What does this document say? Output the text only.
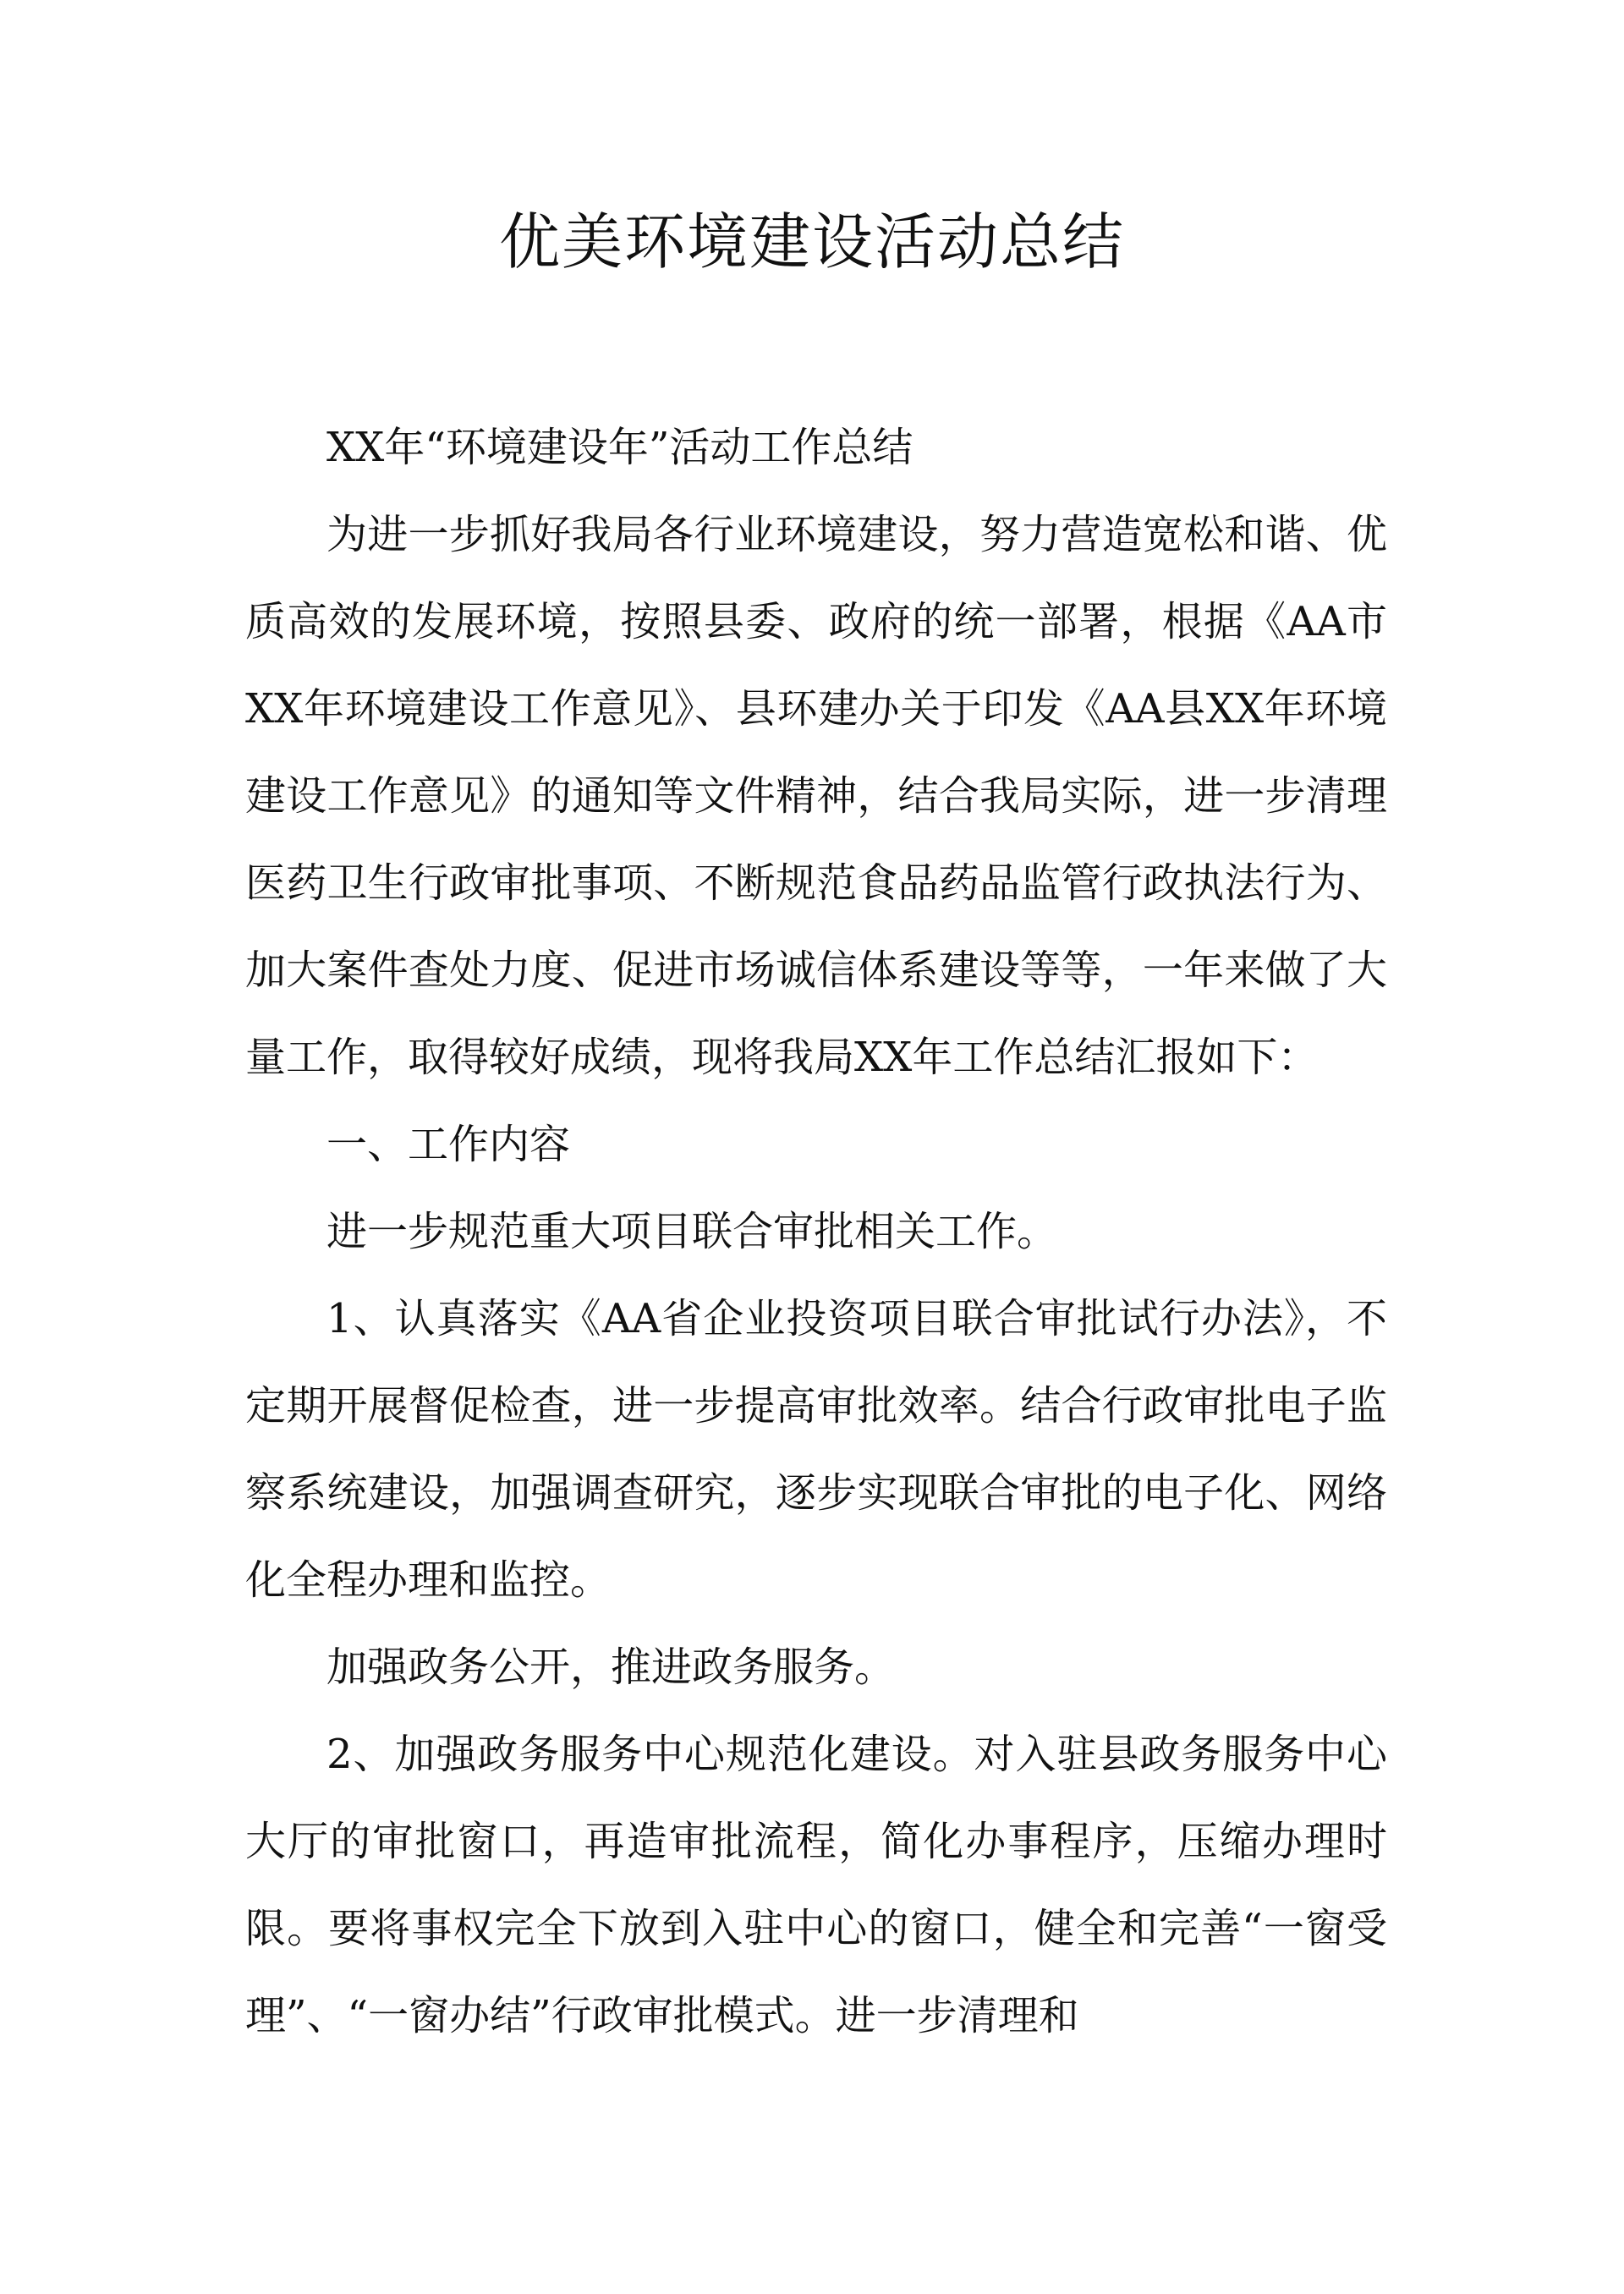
优美环境建设活动总结

XX年“环境建设年”活动工作总结

为进一步抓好我局各行业环境建设，努力营造宽松和谐、优质高效的发展环境，按照县委、政府的统一部署，根据《AA市XX年环境建设工作意见》、县环建办关于印发《AA县XX年环境建设工作意见》的通知等文件精神，结合我局实际，进一步清理医药卫生行政审批事项、不断规范食品药品监管行政执法行为、加大案件查处力度、促进市场诚信体系建设等等，一年来做了大量工作，取得较好成绩，现将我局XX年工作总结汇报如下：

一、工作内容

进一步规范重大项目联合审批相关工作。

1、认真落实《AA省企业投资项目联合审批试行办法》，不定期开展督促检查，进一步提高审批效率。结合行政审批电子监察系统建设，加强调查研究，逐步实现联合审批的电子化、网络化全程办理和监控。

加强政务公开，推进政务服务。

2、加强政务服务中心规范化建设。对入驻县政务服务中心大厅的审批窗口，再造审批流程，简化办事程序，压缩办理时限。要将事权完全下放到入驻中心的窗口，健全和完善“一窗受理”、“一窗办结”行政审批模式。进一步清理和
